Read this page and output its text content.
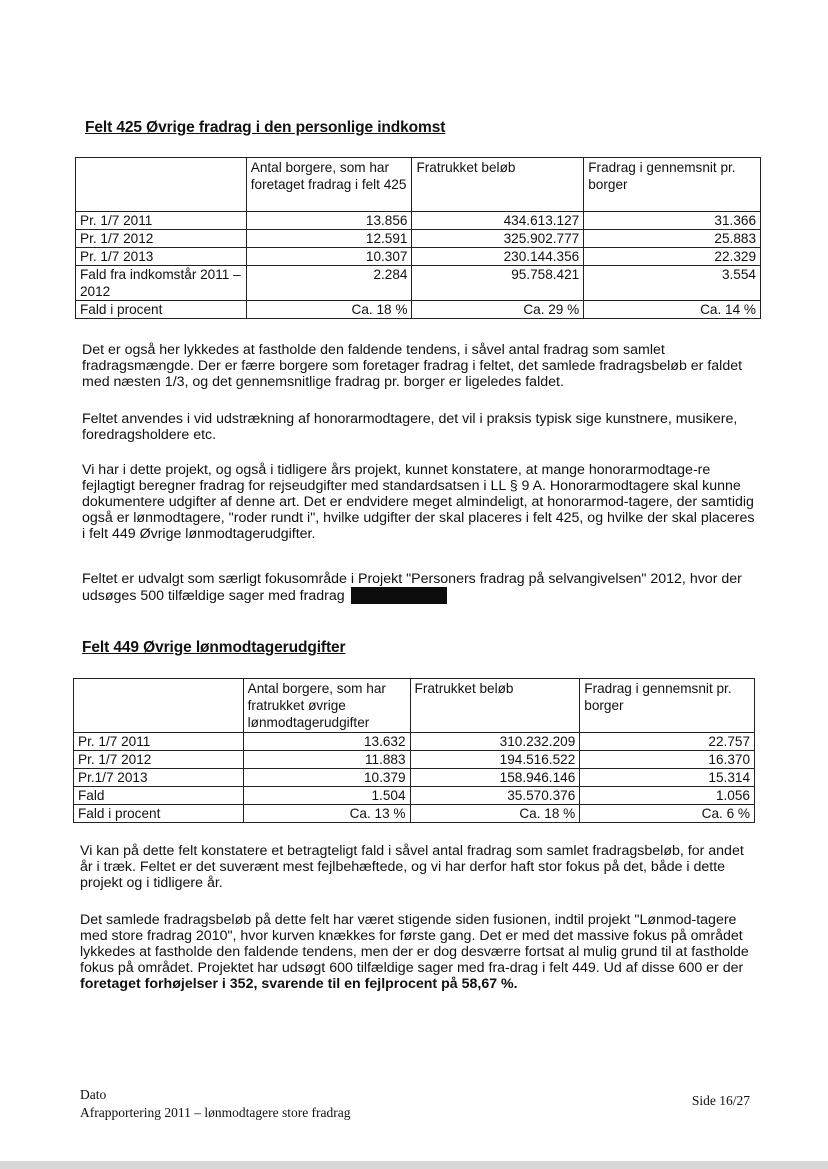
Felt 425 Øvrige fradrag i den personlige indkomst
	Antal borgere, som har foretaget fradrag i felt 425	Fratrukket beløb	Fradrag i gennemsnit pr. borger
Pr. 1/7 2011	13.856	434.613.127	31.366
Pr. 1/7 2012	12.591	325.902.777	25.883
Pr. 1/7 2013	10.307	230.144.356	22.329
Fald fra indkomstår 2011 – 2012	2.284	95.758.421	3.554
Fald i procent	Ca. 18 %	Ca. 29 %	Ca. 14 %

Det er også her lykkedes at fastholde den faldende tendens, i såvel antal fradrag som samlet fradragsmængde. Der er færre borgere som foretager fradrag i feltet, det samlede fradragsbeløb er faldet med næsten 1/3, og det gennemsnitlige fradrag pr. borger er ligeledes faldet.

Feltet anvendes i vid udstrækning af honorarmodtagere, det vil i praksis typisk sige kunstnere, musikere, foredragsholdere etc.

Vi har i dette projekt, og også i tidligere års projekt, kunnet konstatere, at mange honorarmodtage-re fejlagtigt beregner fradrag for rejseudgifter med standardsatsen i LL § 9 A. Honorarmodtagere skal kunne dokumentere udgifter af denne art. Det er endvidere meget almindeligt, at honorarmod-tagere, der samtidig også er lønmodtagere, "roder rundt i", hvilke udgifter der skal placeres i felt 425, og hvilke der skal placeres i felt 449 Øvrige lønmodtagerudgifter.

Feltet er udvalgt som særligt fokusområde i Projekt "Personers fradrag på selvangivelsen" 2012, hvor der udsøges 500 tilfældige sager med fradrag

Felt 449 Øvrige lønmodtagerudgifter
	Antal borgere, som har fratrukket øvrige lønmodtagerudgifter	Fratrukket beløb	Fradrag i gennemsnit pr. borger
Pr. 1/7 2011	13.632	310.232.209	22.757
Pr. 1/7 2012	11.883	194.516.522	16.370
Pr.1/7 2013	10.379	158.946.146	15.314
Fald	1.504	35.570.376	1.056
Fald i procent	Ca. 13 %	Ca. 18 %	Ca. 6 %

Vi kan på dette felt konstatere et betragteligt fald i såvel antal fradrag som samlet fradragsbeløb, for andet år i træk. Feltet er det suverænt mest fejlbehæftede, og vi har derfor haft stor fokus på det, både i dette projekt og i tidligere år.

Det samlede fradragsbeløb på dette felt har været stigende siden fusionen, indtil projekt "Lønmod-tagere med store fradrag 2010", hvor kurven knækkes for første gang. Det er med det massive fokus på området lykkedes at fastholde den faldende tendens, men der er dog desværre fortsat al mulig grund til at fastholde fokus på området. Projektet har udsøgt 600 tilfældige sager med fra-drag i felt 449. Ud af disse 600 er der foretaget forhøjelser i 352, svarende til en fejlprocent på 58,67 %.

Dato

Afrapportering 2011 – lønmodtagere store fradrag

Side 16/27
